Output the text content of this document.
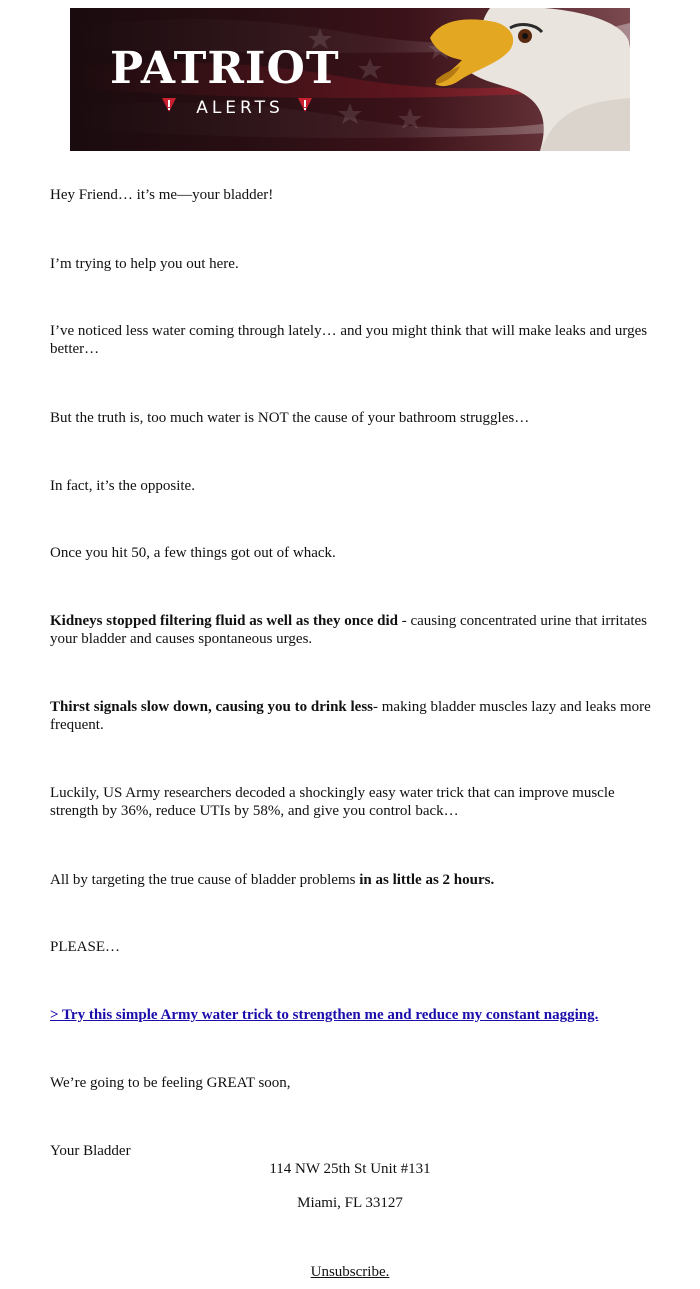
PATRIOT
ALERTS

Hey Friend… it’s me—your bladder!

I’m trying to help you out here.

I’ve noticed less water coming through lately… and you might think that will make leaks and urges better…

But the truth is, too much water is NOT the cause of your bathroom struggles…

In fact, it’s the opposite.

Once you hit 50, a few things got out of whack.

Kidneys stopped filtering fluid as well as they once did - causing concentrated urine that irritates your bladder and causes spontaneous urges.

Thirst signals slow down, causing you to drink less- making bladder muscles lazy and leaks more frequent.

Luckily, US Army researchers decoded a shockingly easy water trick that can improve muscle strength by 36%, reduce UTIs by 58%, and give you control back…

All by targeting the true cause of bladder problems in as little as 2 hours.

PLEASE…

> Try this simple Army water trick to strengthen me and reduce my constant nagging.

We’re going to be feeling GREAT soon,

Your Bladder

114 NW 25th St Unit #131
Miami, FL 33127
Unsubscribe.
